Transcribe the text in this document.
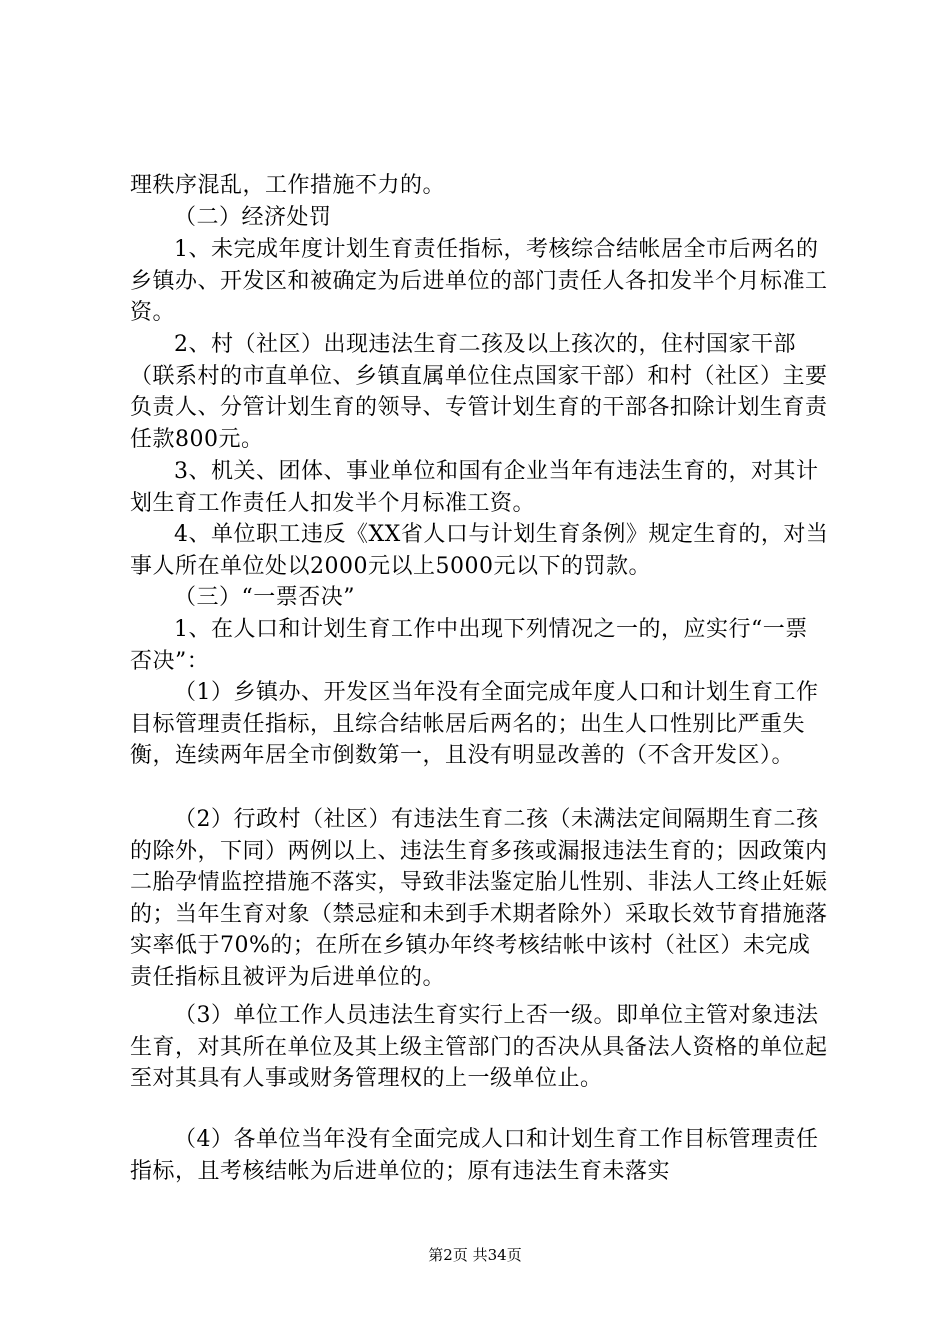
理秩序混乱，工作措施不力的。

（二）经济处罚

1、未完成年度计划生育责任指标，考核综合结帐居全市后两名的乡镇办、开发区和被确定为后进单位的部门责任人各扣发半个月标准工资。

2、村（社区）出现违法生育二孩及以上孩次的，住村国家干部（联系村的市直单位、乡镇直属单位住点国家干部）和村（社区）主要负责人、分管计划生育的领导、专管计划生育的干部各扣除计划生育责任款800元。

3、机关、团体、事业单位和国有企业当年有违法生育的，对其计划生育工作责任人扣发半个月标准工资。

4、单位职工违反《XX省人口与计划生育条例》规定生育的，对当事人所在单位处以2000元以上5000元以下的罚款。

（三）“一票否决”

1、在人口和计划生育工作中出现下列情况之一的，应实行“一票否决”：

（1）乡镇办、开发区当年没有全面完成年度人口和计划生育工作目标管理责任指标，且综合结帐居后两名的；出生人口性别比严重失衡，连续两年居全市倒数第一，且没有明显改善的（不含开发区）。

（2）行政村（社区）有违法生育二孩（未满法定间隔期生育二孩的除外，下同）两例以上、违法生育多孩或漏报违法生育的；因政策内二胎孕情监控措施不落实，导致非法鉴定胎儿性别、非法人工终止妊娠的；当年生育对象（禁忌症和未到手术期者除外）采取长效节育措施落实率低于70%的；在所在乡镇办年终考核结帐中该村（社区）未完成责任指标且被评为后进单位的。

（3）单位工作人员违法生育实行上否一级。即单位主管对象违法生育，对其所在单位及其上级主管部门的否决从具备法人资格的单位起至对其具有人事或财务管理权的上一级单位止。

（4）各单位当年没有全面完成人口和计划生育工作目标管理责任指标，且考核结帐为后进单位的；原有违法生育未落实

第2页 共34页
